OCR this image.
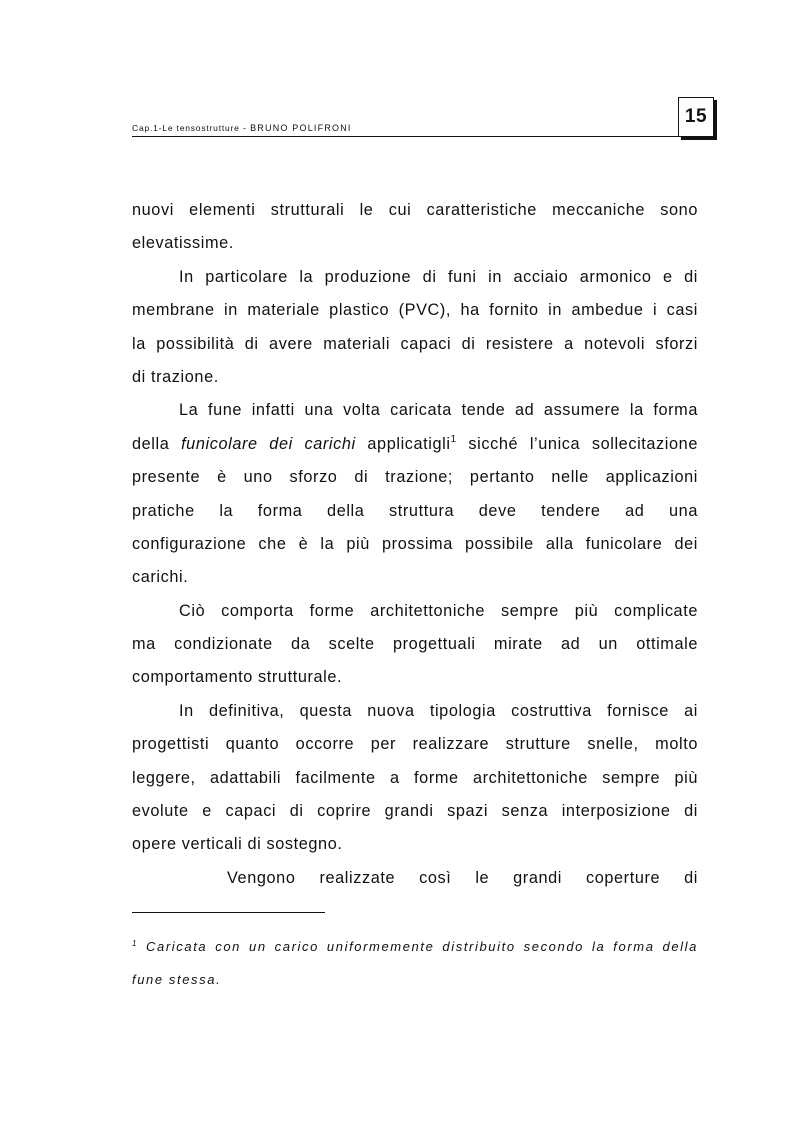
Cap.1-Le tensostrutture - BRUNO POLIFRONI
15
nuovi elementi strutturali le cui caratteristiche meccaniche sono
elevatissime.
In particolare la produzione di funi in acciaio armonico e di
membrane in materiale plastico (PVC), ha fornito in ambedue i casi
la possibilità di avere materiali capaci di resistere a notevoli sforzi
di trazione.
La fune infatti una volta caricata tende ad assumere la forma
della funicolare dei carichi applicatigli$^1$ sicché l’unica sollecitazione
presente è uno sforzo di trazione; pertanto nelle applicazioni
pratiche la forma della struttura deve tendere ad una
configurazione che è la più prossima possibile alla funicolare dei
carichi.
Ciò comporta forme architettoniche sempre più complicate
ma condizionate da scelte progettuali mirate ad un ottimale
comportamento strutturale.
In definitiva, questa nuova tipologia costruttiva fornisce ai
progettisti quanto occorre per realizzare strutture snelle, molto
leggere, adattabili facilmente a forme architettoniche sempre più
evolute e capaci di coprire grandi spazi senza interposizione di
opere verticali di sostegno.
Vengono realizzate così le grandi coperture di
$^1$ Caricata con un carico uniformemente distribuito secondo la forma della
fune stessa.
